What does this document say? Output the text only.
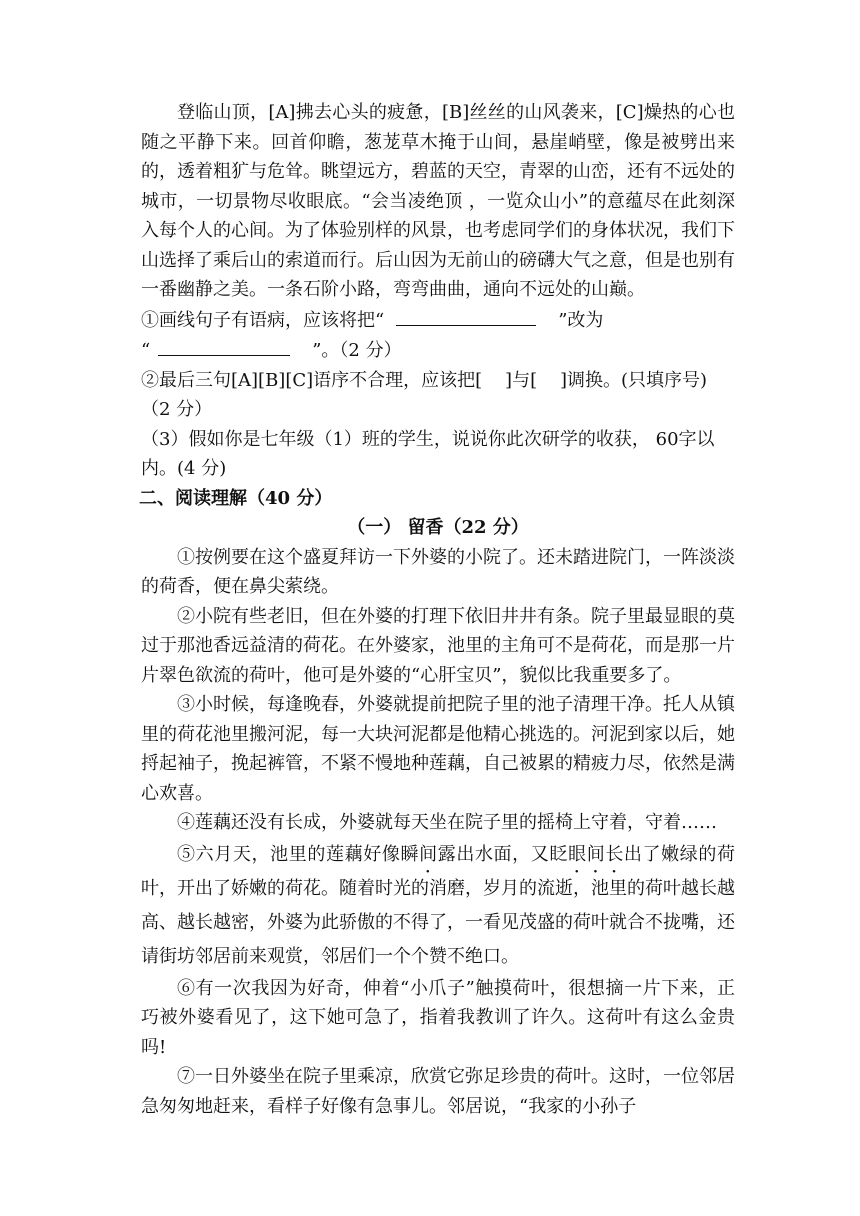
登临山顶，[A]拂去心头的疲惫，[B]丝丝的山风袭来，[C]燥热的心也随之平静下来。回首仰瞻，葱茏草木掩于山间，悬崖峭壁，像是被劈出来的，透着粗犷与危耸。眺望远方，碧蓝的天空，青翠的山峦，还有不远处的城市，一切景物尽收眼底。“会当凌绝顶 ，一览众山小”的意蕴尽在此刻深入每个人的心间。为了体验别样的风景，也考虑同学们的身体状况，我们下山选择了乘后山的索道而行。后山因为无前山的磅礴大气之意，但是也别有一番幽静之美。一条石阶小路，弯弯曲曲，通向不远处的山巅。

①画线句子有语病，应该将把“	”改为

“	”。（2 分）

②最后三句[A][B][C]语序不合理，应该把[ ]与[ ]调换。(只填序号)（2 分）

（3）假如你是七年级（1）班的学生，说说你此次研学的收获， 60字以内。(4 分)

二、阅读理解（40 分）

（一） 留香（22 分）

①按例要在这个盛夏拜访一下外婆的小院了。还未踏进院门，一阵淡淡的荷香，便在鼻尖萦绕。

②小院有些老旧，但在外婆的打理下依旧井井有条。院子里最显眼的莫过于那池香远益清的荷花。在外婆家，池里的主角可不是荷花，而是那一片片翠色欲流的荷叶，他可是外婆的“心肝宝贝”，貌似比我重要多了。

③小时候，每逢晚春，外婆就提前把院子里的池子清理干净。托人从镇里的荷花池里搬河泥，每一大块河泥都是他精心挑选的。河泥到家以后，她捋起袖子，挽起裤管，不紧不慢地种莲藕，自己被累的精疲力尽，依然是满心欢喜。

④莲藕还没有长成，外婆就每天坐在院子里的摇椅上守着，守着……

⑤六月天，池里的莲藕好像瞬间露出水面，又眨眼间长出了嫩绿的荷叶，开出了娇嫩的荷花。随着时光的消磨，岁月的流逝，池里的荷叶越长越高、越长越密，外婆为此骄傲的不得了，一看见茂盛的荷叶就合不拢嘴，还请街坊邻居前来观赏，邻居们一个个赞不绝口。

⑥有一次我因为好奇，伸着“小爪子”触摸荷叶，很想摘一片下来，正巧被外婆看见了，这下她可急了，指着我教训了许久。这荷叶有这么金贵吗!

⑦一日外婆坐在院子里乘凉，欣赏它弥足珍贵的荷叶。这时，一位邻居急匆匆地赶来，看样子好像有急事儿。邻居说，“我家的小孙子
